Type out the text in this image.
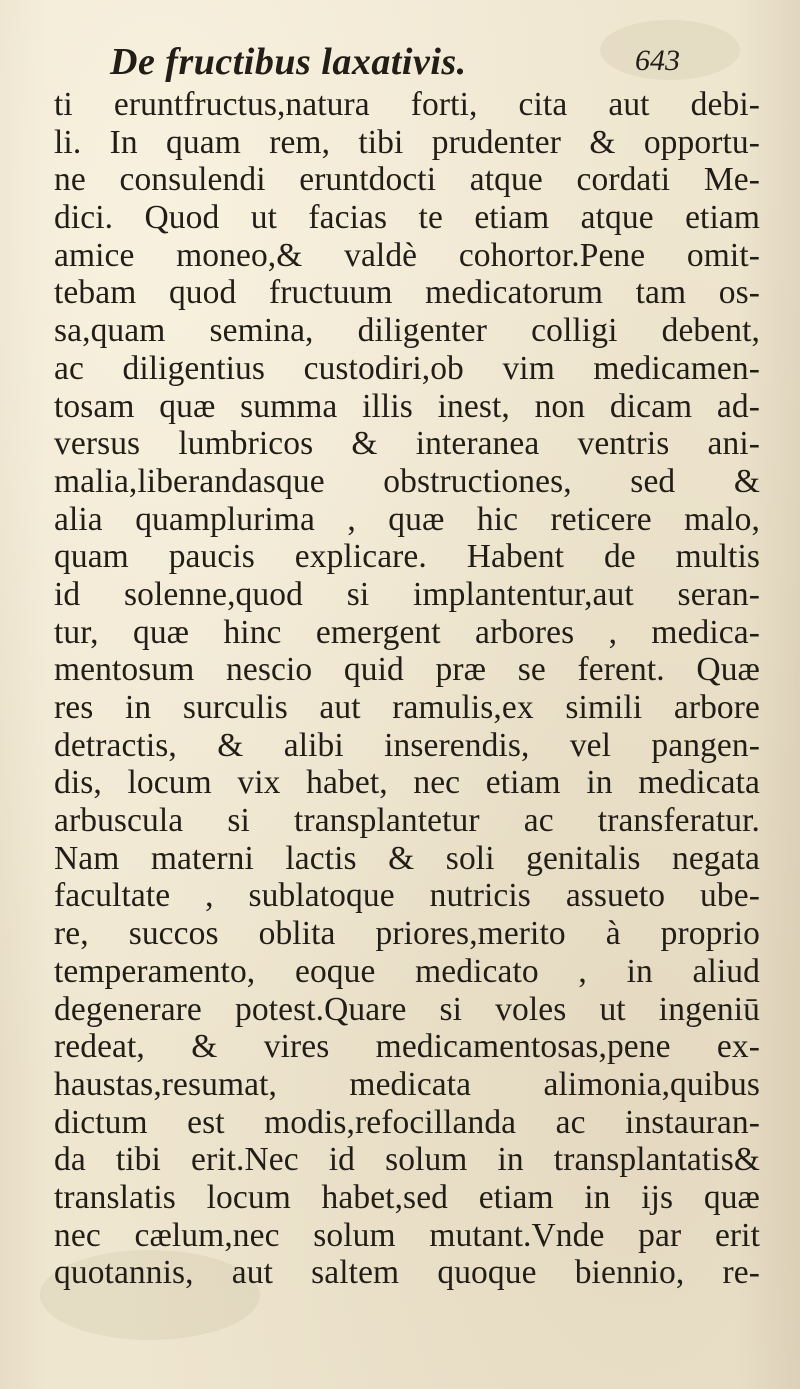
De fructibus laxativis.	643
ti eruntfructus,natura forti, cita aut debi-
li. In quam rem, tibi prudenter & opportu-
ne consulendi eruntdocti atque cordati Me-
dici. Quod ut facias te etiam atque etiam
amice moneo,& valdè cohortor.Pene omit-
tebam quod fructuum medicatorum tam os-
sa,quam semina, diligenter colligi debent,
ac diligentius custodiri,ob vim medicamen-
tosam quæ summa illis inest, non dicam ad-
versus lumbricos & interanea ventris ani-
malia,liberandasque obstructiones, sed &
alia quamplurima , quæ hic reticere malo,
quam paucis explicare. Habent de multis
id solenne,quod si implantentur,aut seran-
tur, quæ hinc emergent arbores , medica-
mentosum nescio quid præ se ferent. Quæ
res in surculis aut ramulis,ex simili arbore
detractis, & alibi inserendis, vel pangen-
dis, locum vix habet, nec etiam in medicata
arbuscula si transplantetur ac transferatur.
Nam materni lactis & soli genitalis negata
facultate , sublatoque nutricis assueto ube-
re, succos oblita priores,merito à proprio
temperamento, eoque medicato , in aliud
degenerare potest.Quare si voles ut ingeniū
redeat, & vires medicamentosas,pene ex-
haustas,resumat, medicata alimonia,quibus
dictum est modis,refocillanda ac instauran-
da tibi erit.Nec id solum in transplantatis&
translatis locum habet,sed etiam in ijs quæ
nec cælum,nec solum mutant.Vnde par erit
quotannis, aut saltem quoque biennio, re-
